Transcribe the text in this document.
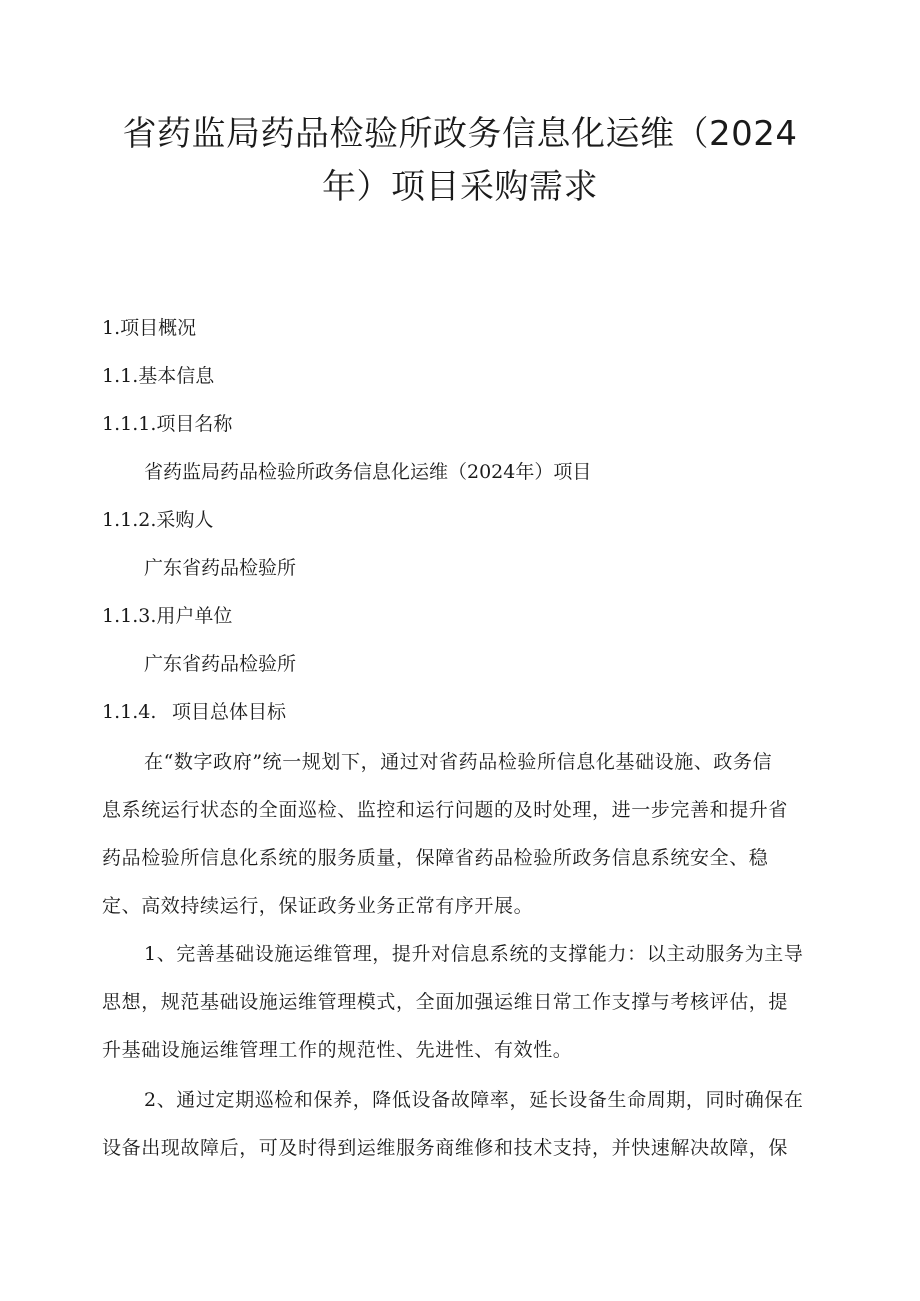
省药监局药品检验所政务信息化运维（2024
年）项目采购需求
1.项目概况
1.1.基本信息
1.1.1.项目名称
省药监局药品检验所政务信息化运维（2024年）项目
1.1.2.采购人
广东省药品检验所
1.1.3.用户单位
广东省药品检验所
1.1.4. 项目总体目标
在“数字政府”统一规划下，通过对省药品检验所信息化基础设施、政务信
息系统运行状态的全面巡检、监控和运行问题的及时处理，进一步完善和提升省
药品检验所信息化系统的服务质量，保障省药品检验所政务信息系统安全、稳
定、高效持续运行，保证政务业务正常有序开展。
1、完善基础设施运维管理，提升对信息系统的支撑能力：以主动服务为主导
思想，规范基础设施运维管理模式，全面加强运维日常工作支撑与考核评估，提
升基础设施运维管理工作的规范性、先进性、有效性。
2、通过定期巡检和保养，降低设备故障率，延长设备生命周期，同时确保在
设备出现故障后，可及时得到运维服务商维修和技术支持，并快速解决故障，保
